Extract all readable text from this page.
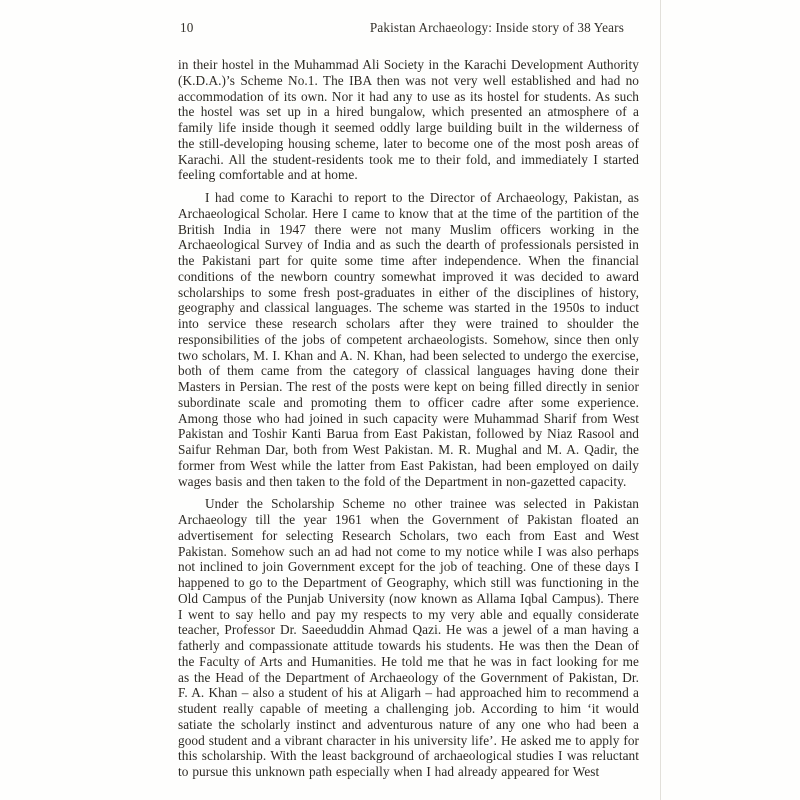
10	Pakistan Archaeology: Inside story of 38 Years

in their hostel in the Muhammad Ali Society in the Karachi Development Authority (K.D.A.)’s Scheme No.1. The IBA then was not very well established and had no accommodation of its own. Nor it had any to use as its hostel for students. As such the hostel was set up in a hired bungalow, which presented an atmosphere of a family life inside though it seemed oddly large building built in the wilderness of the still-developing housing scheme, later to become one of the most posh areas of Karachi. All the student-residents took me to their fold, and immediately I started feeling comfortable and at home.

I had come to Karachi to report to the Director of Archaeology, Pakistan, as Archaeological Scholar. Here I came to know that at the time of the partition of the British India in 1947 there were not many Muslim officers working in the Archaeological Survey of India and as such the dearth of professionals persisted in the Pakistani part for quite some time after independence. When the financial conditions of the newborn country somewhat improved it was decided to award scholarships to some fresh post-graduates in either of the disciplines of history, geography and classical languages. The scheme was started in the 1950s to induct into service these research scholars after they were trained to shoulder the responsibilities of the jobs of competent archaeologists. Somehow, since then only two scholars, M. I. Khan and A. N. Khan, had been selected to undergo the exercise, both of them came from the category of classical languages having done their Masters in Persian. The rest of the posts were kept on being filled directly in senior subordinate scale and promoting them to officer cadre after some experience. Among those who had joined in such capacity were Muhammad Sharif from West Pakistan and Toshir Kanti Barua from East Pakistan, followed by Niaz Rasool and Saifur Rehman Dar, both from West Pakistan. M. R. Mughal and M. A. Qadir, the former from West while the latter from East Pakistan, had been employed on daily wages basis and then taken to the fold of the Department in non-gazetted capacity.

Under the Scholarship Scheme no other trainee was selected in Pakistan Archaeology till the year 1961 when the Government of Pakistan floated an advertisement for selecting Research Scholars, two each from East and West Pakistan. Somehow such an ad had not come to my notice while I was also perhaps not inclined to join Government except for the job of teaching. One of these days I happened to go to the Department of Geography, which still was functioning in the Old Campus of the Punjab University (now known as Allama Iqbal Campus). There I went to say hello and pay my respects to my very able and equally considerate teacher, Professor Dr. Saeeduddin Ahmad Qazi. He was a jewel of a man having a fatherly and compassionate attitude towards his students. He was then the Dean of the Faculty of Arts and Humanities. He told me that he was in fact looking for me as the Head of the Department of Archaeology of the Government of Pakistan, Dr. F. A. Khan – also a student of his at Aligarh – had approached him to recommend a student really capable of meeting a challenging job. According to him ‘it would satiate the scholarly instinct and adventurous nature of any one who had been a good student and a vibrant character in his university life’. He asked me to apply for this scholarship. With the least background of archaeological studies I was reluctant to pursue this unknown path especially when I had already appeared for West
